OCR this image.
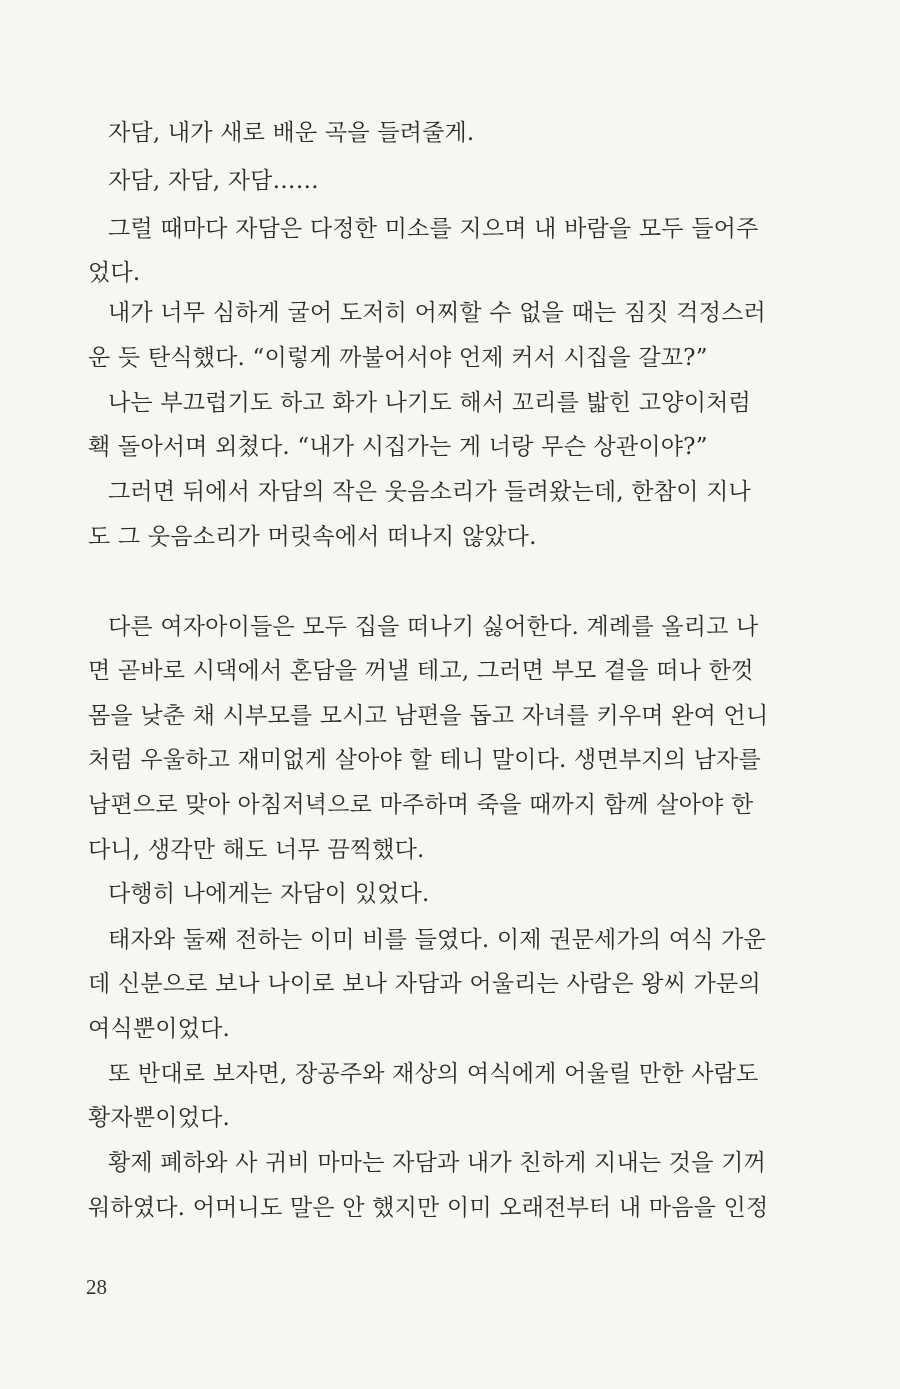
자담, 내가 새로 배운 곡을 들려줄게.
자담, 자담, 자담……
그럴 때마다 자담은 다정한 미소를 지으며 내 바람을 모두 들어주
었다.
내가 너무 심하게 굴어 도저히 어찌할 수 없을 때는 짐짓 걱정스러
운 듯 탄식했다. “이렇게 까불어서야 언제 커서 시집을 갈꼬?”
나는 부끄럽기도 하고 화가 나기도 해서 꼬리를 밟힌 고양이처럼
홱 돌아서며 외쳤다. “내가 시집가는 게 너랑 무슨 상관이야?”
그러면 뒤에서 자담의 작은 웃음소리가 들려왔는데, 한참이 지나
도 그 웃음소리가 머릿속에서 떠나지 않았다.
다른 여자아이들은 모두 집을 떠나기 싫어한다. 계례를 올리고 나
면 곧바로 시댁에서 혼담을 꺼낼 테고, 그러면 부모 곁을 떠나 한껏
몸을 낮춘 채 시부모를 모시고 남편을 돕고 자녀를 키우며 완여 언니
처럼 우울하고 재미없게 살아야 할 테니 말이다. 생면부지의 남자를
남편으로 맞아 아침저녁으로 마주하며 죽을 때까지 함께 살아야 한
다니, 생각만 해도 너무 끔찍했다.
다행히 나에게는 자담이 있었다.
태자와 둘째 전하는 이미 비를 들였다. 이제 권문세가의 여식 가운
데 신분으로 보나 나이로 보나 자담과 어울리는 사람은 왕씨 가문의
여식뿐이었다.
또 반대로 보자면, 장공주와 재상의 여식에게 어울릴 만한 사람도
황자뿐이었다.
황제 폐하와 사 귀비 마마는 자담과 내가 친하게 지내는 것을 기꺼
워하였다. 어머니도 말은 안 했지만 이미 오래전부터 내 마음을 인정
28
